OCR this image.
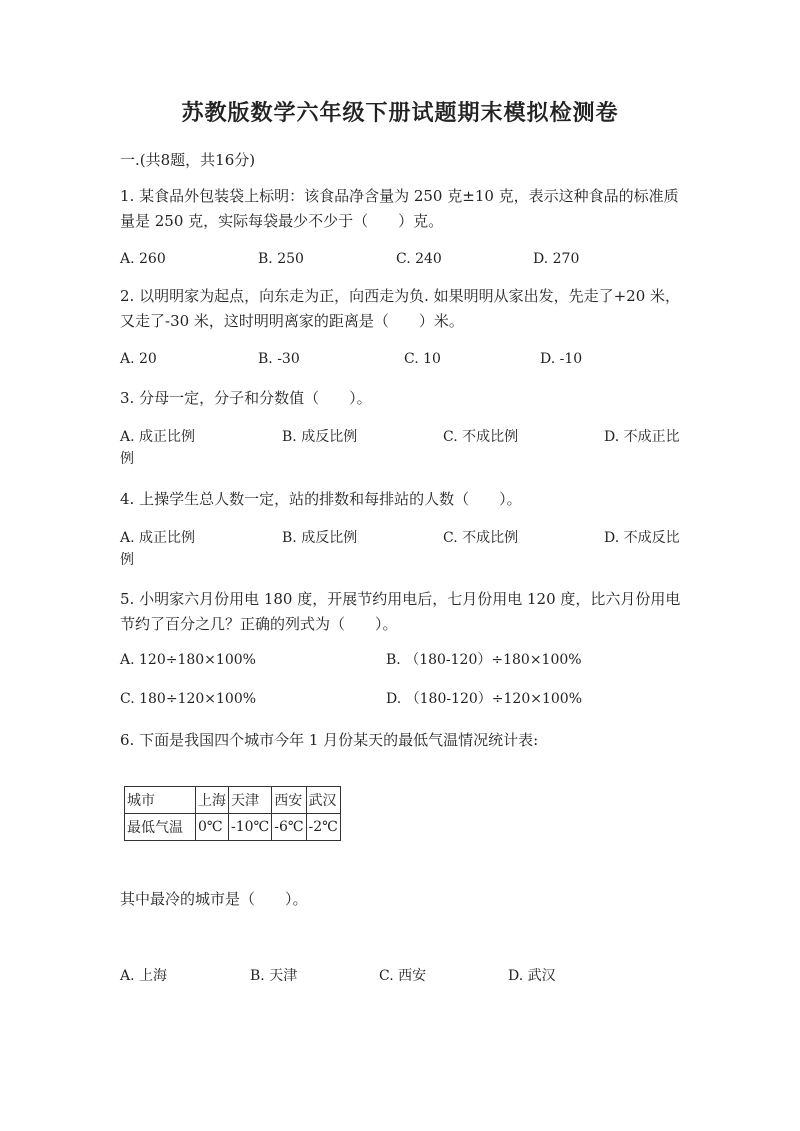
苏教版数学六年级下册试题期末模拟检测卷
一.(共8题，共16分)
1. 某食品外包装袋上标明：该食品净含量为 250 克±10 克，表示这种食品的标准质量是 250 克，实际每袋最少不少于（　　）克。
A. 260	B. 250	C. 240	D. 270
2. 以明明家为起点，向东走为正，向西走为负. 如果明明从家出发，先走了+20 米，又走了-30 米，这时明明离家的距离是（　　）米。
A. 20	B. -30	C. 10	D. -10
3. 分母一定，分子和分数值（　　）。
A. 成正比例	B. 成反比例	C. 不成比例	D. 不成正比例
4. 上操学生总人数一定，站的排数和每排站的人数（　　）。
A. 成正比例	B. 成反比例	C. 不成比例	D. 不成反比例
5. 小明家六月份用电 180 度，开展节约用电后，七月份用电 120 度，比六月份用电节约了百分之几？正确的列式为（　　）。
A. 120÷180×100%	B. （180-120）÷180×100%
C. 180÷120×100%	D. （180-120）÷120×100%
6. 下面是我国四个城市今年 1 月份某天的最低气温情况统计表:
城市	上海	天津	西安	武汉
最低气温	0℃	-10℃	-6℃	-2℃
其中最冷的城市是（　　）。
A. 上海	B. 天津	C. 西安	D. 武汉
